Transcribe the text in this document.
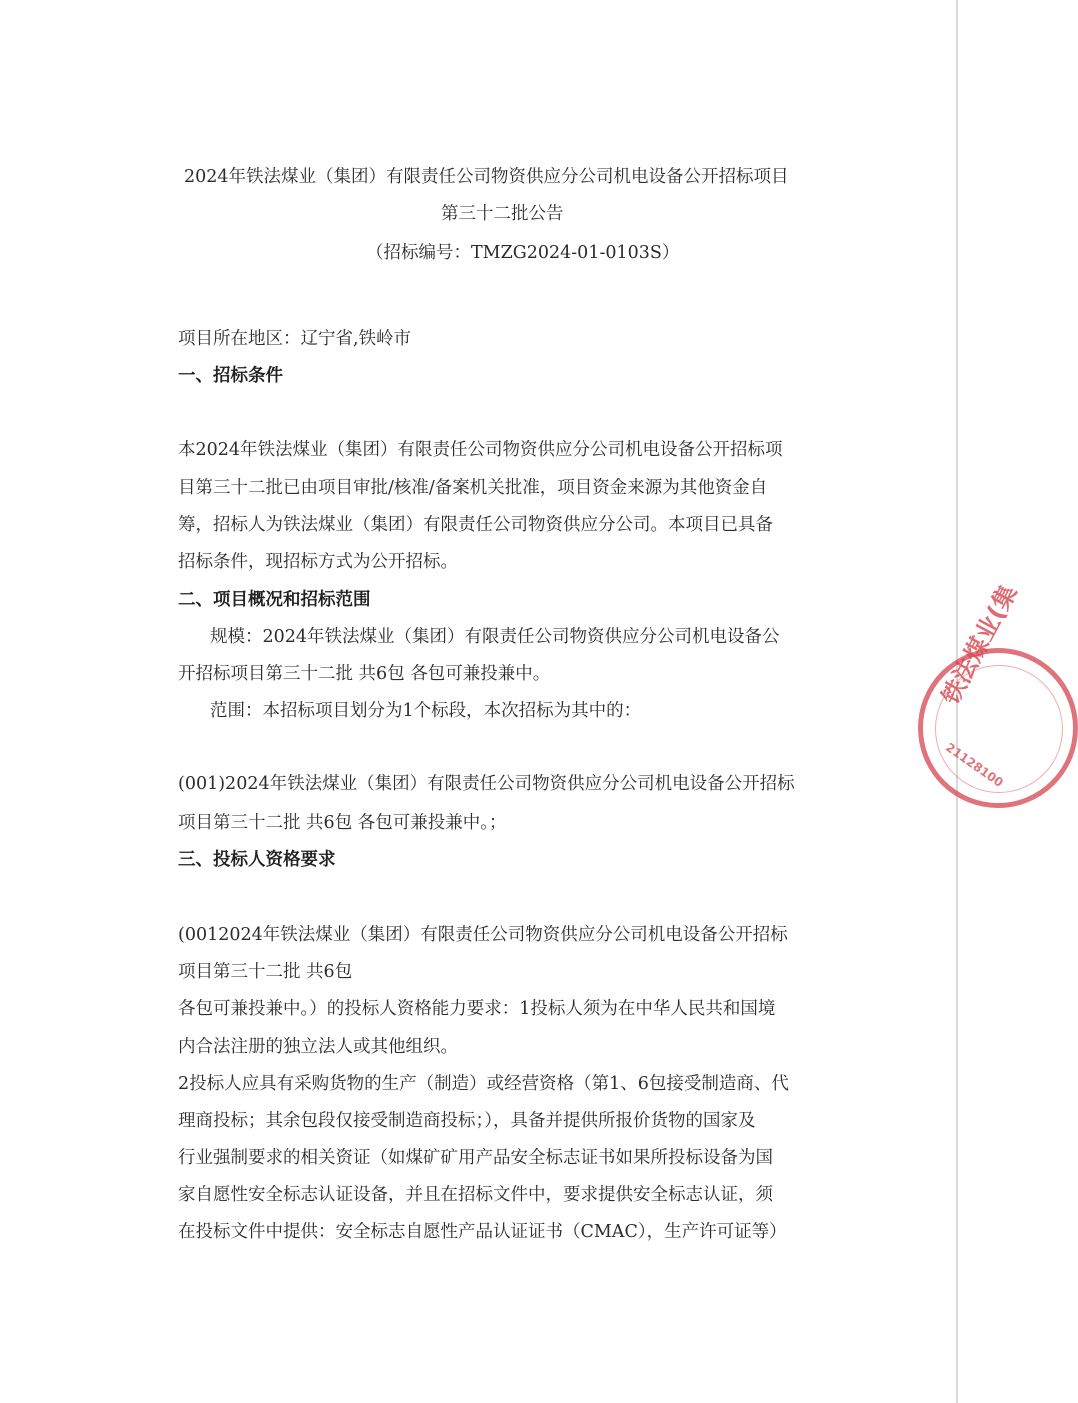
2024年铁法煤业（集团）有限责任公司物资供应分公司机电设备公开招标项目
第三十二批公告
（招标编号：TMZG2024-01-0103S）
项目所在地区：辽宁省,铁岭市
一、招标条件
本2024年铁法煤业（集团）有限责任公司物资供应分公司机电设备公开招标项
目第三十二批已由项目审批/核准/备案机关批准，项目资金来源为其他资金自
筹，招标人为铁法煤业（集团）有限责任公司物资供应分公司。本项目已具备
招标条件，现招标方式为公开招标。
二、项目概况和招标范围
规模：2024年铁法煤业（集团）有限责任公司物资供应分公司机电设备公
开招标项目第三十二批 共6包 各包可兼投兼中。
范围：本招标项目划分为1个标段，本次招标为其中的：
(001)2024年铁法煤业（集团）有限责任公司物资供应分公司机电设备公开招标
项目第三十二批 共6包 各包可兼投兼中。；
三、投标人资格要求
(0012024年铁法煤业（集团）有限责任公司物资供应分公司机电设备公开招标
项目第三十二批 共6包
各包可兼投兼中。）的投标人资格能力要求：1投标人须为在中华人民共和国境
内合法注册的独立法人或其他组织。
2投标人应具有采购货物的生产（制造）或经营资格（第1、6包接受制造商、代
理商投标；其余包段仅接受制造商投标；），具备并提供所报价货物的国家及
行业强制要求的相关资证（如煤矿矿用产品安全标志证书如果所投标设备为国
家自愿性安全标志认证设备，并且在招标文件中，要求提供安全标志认证，须
在投标文件中提供：安全标志自愿性产品认证证书（CMAC），生产许可证等）
铁法煤业(集
21128100
